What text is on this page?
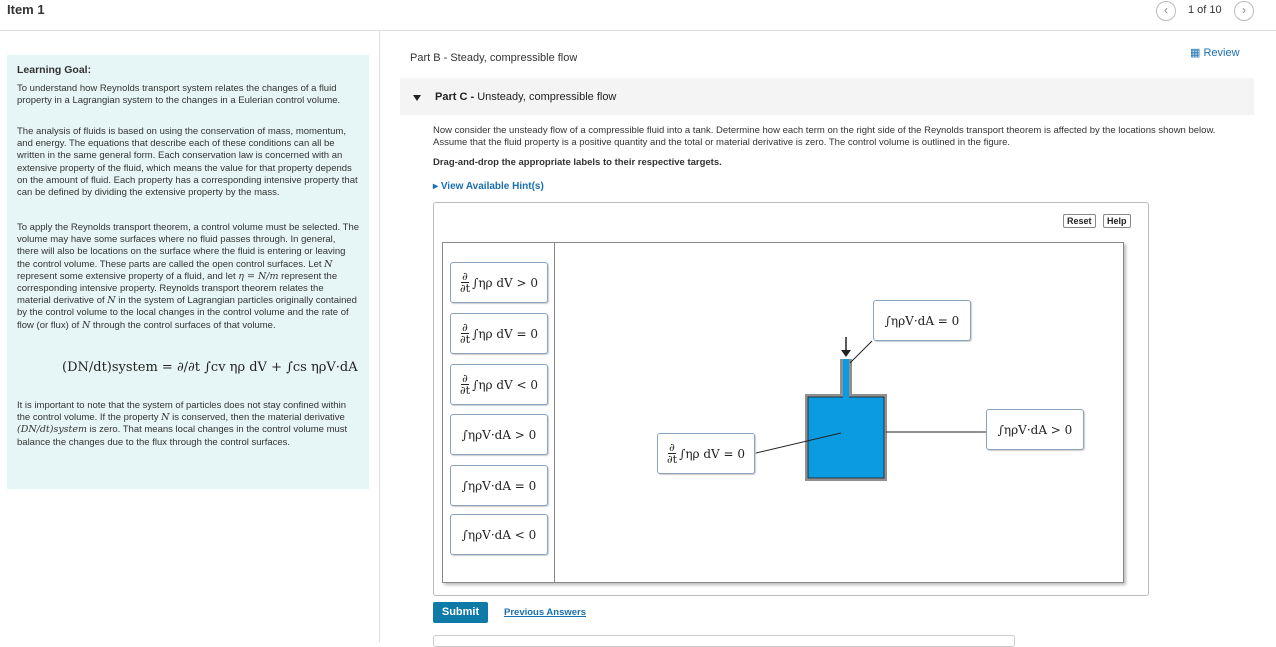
Item 1	‹	1 of 10	›

Learning Goal:

To understand how Reynolds transport system relates the changes of a fluid property in a Lagrangian system to the changes in a Eulerian control volume.

The analysis of fluids is based on using the conservation of mass, momentum, and energy. The equations that describe each of these conditions can all be written in the same general form. Each conservation law is concerned with an extensive property of the fluid, which means the value for that property depends on the amount of fluid. Each property has a corresponding intensive property that can be defined by dividing the extensive property by the mass.

To apply the Reynolds transport theorem, a control volume must be selected. The volume may have some surfaces where no fluid passes through. In general, there will also be locations on the surface where the fluid is entering or leaving the control volume. These parts are called the open control surfaces. Let N represent some extensive property of a fluid, and let η = N/m represent the corresponding intensive property. Reynolds transport theorem relates the material derivative of N in the system of Lagrangian particles originally contained by the control volume to the local changes in the control volume and the rate of flow (or flux) of N through the control surfaces of that volume.

(DN/dt)system = ∂/∂t ∫cv ηρ dV + ∫cs ηρV·dA

It is important to note that the system of particles does not stay confined within the control volume. If the property N is conserved, then the material derivative (DN/dt)system is zero. That means local changes in the control volume must balance the changes due to the flux through the control surfaces.

▦ Review
Part B - Steady, compressible flow
Part C - Unsteady, compressible flow
Now consider the unsteady flow of a compressible fluid into a tank. Determine how each term on the right side of the Reynolds transport theorem is affected by the locations shown below. Assume that the fluid property is a positive quantity and the total or material derivative is zero. The control volume is outlined in the figure.
Drag-and-drop the appropriate labels to their respective targets.
▸ View Available Hint(s)
Reset	Help
$\frac{\partial}{\partial t} \int\eta\rho$ dV > 0
$\frac{\partial}{\partial t} \int\eta\rho$ dV = 0
$\frac{\partial}{\partial t} \int\eta\rho$ dV < 0
∫ηρV·dA > 0
∫ηρV·dA = 0
∫ηρV·dA < 0
∫ηρV·dA = 0
∫ηρV·dA > 0
$\frac{\partial}{\partial t} \int\eta\rho$ dV = 0
Submit	Previous Answers
